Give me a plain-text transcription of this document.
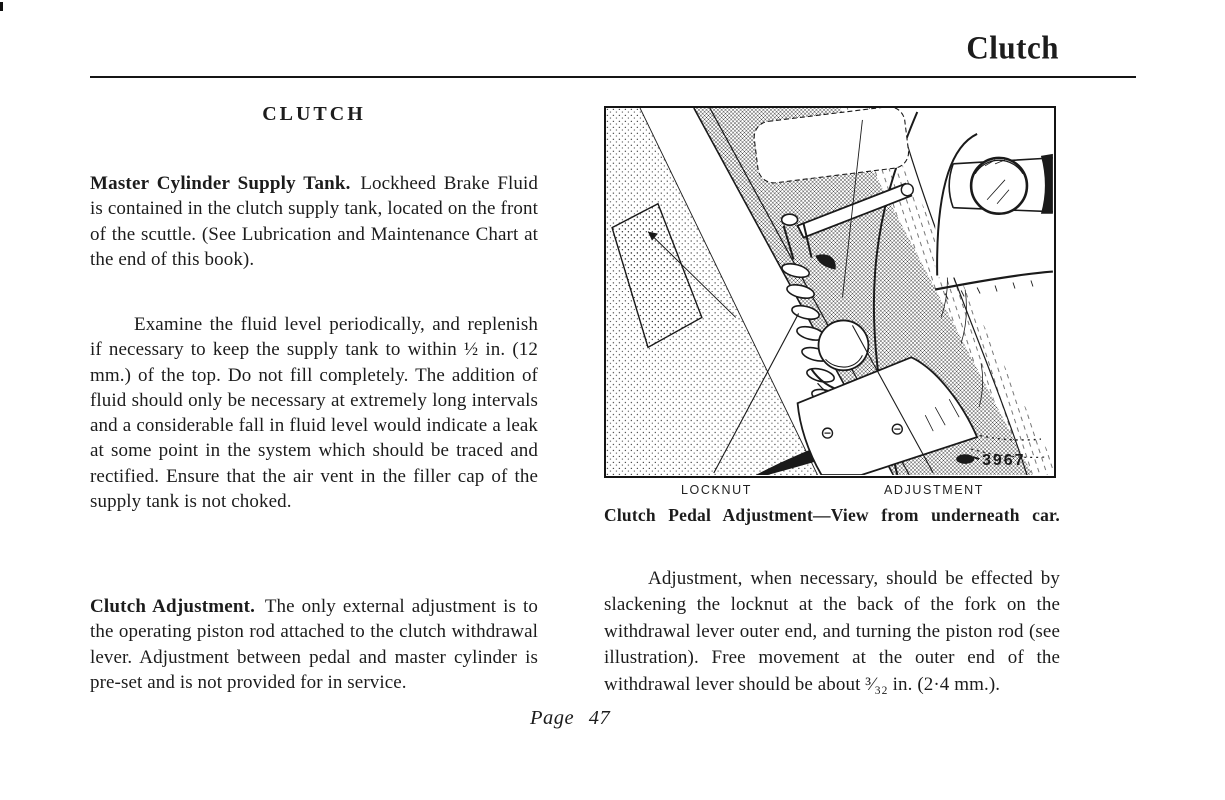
Clutch
CLUTCH

Master Cylinder Supply Tank. Lockheed Brake Fluid is contained in the clutch supply tank, located on the front of the scuttle. (See Lubrication and Maintenance Chart at the end of this book).

Examine the fluid level periodically, and replenish if necessary to keep the supply tank to within ½ in. (12 mm.) of the top. Do not fill completely. The addition of fluid should only be necessary at extremely long intervals and a considerable fall in fluid level would indicate a leak at some point in the system which should be traced and rectified. Ensure that the air vent in the filler cap of the supply tank is not choked.

Clutch Adjustment. The only external adjustment is to the operating piston rod attached to the clutch withdrawal lever. Adjustment between pedal and master cylinder is pre-set and is not provided for in service.

3967
LOCKNUT	ADJUSTMENT
Clutch Pedal Adjustment—View from underneath car.

Adjustment, when necessary, should be effected by slackening the locknut at the back of the fork on the withdrawal lever outer end, and turning the piston rod (see illustration). Free movement at the outer end of the withdrawal lever should be about ³⁄₃₂ in. (2·4 mm.).

Page 47
